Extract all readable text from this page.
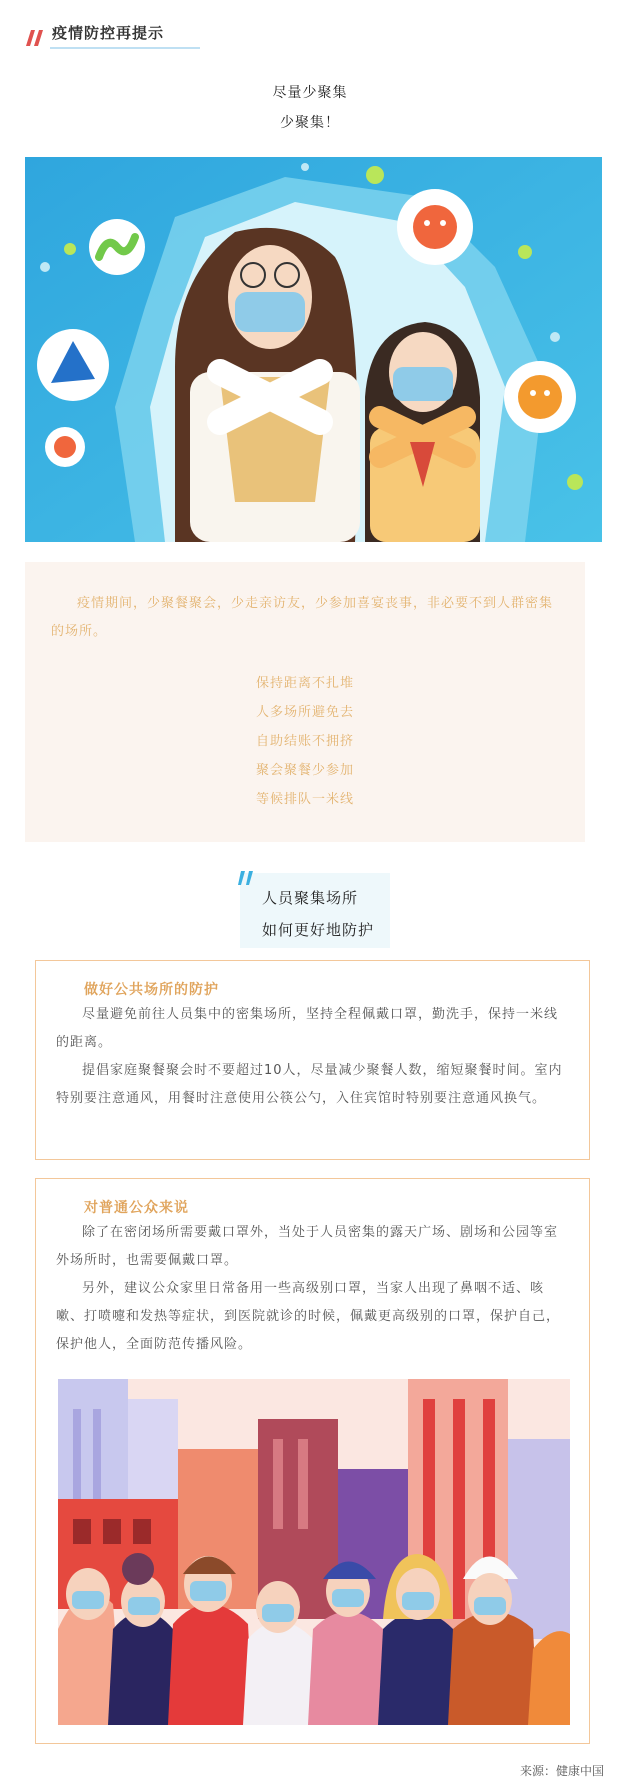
疫情防控再提示
尽量少聚集
少聚集！
疫情期间，少聚餐聚会，少走亲访友，少参加喜宴丧事，非必要不到人群密集的场所。
保持距离不扎堆
人多场所避免去
自助结账不拥挤
聚会聚餐少参加
等候排队一米线
人员聚集场所
如何更好地防护
做好公共场所的防护
尽量避免前往人员集中的密集场所，坚持全程佩戴口罩，勤洗手，保持一米线的距离。
提倡家庭聚餐聚会时不要超过10人，尽量减少聚餐人数，缩短聚餐时间。室内特别要注意通风，用餐时注意使用公筷公勺，入住宾馆时特别要注意通风换气。
对普通公众来说
除了在密闭场所需要戴口罩外，当处于人员密集的露天广场、剧场和公园等室外场所时，也需要佩戴口罩。
另外，建议公众家里日常备用一些高级别口罩，当家人出现了鼻咽不适、咳嗽、打喷嚏和发热等症状，到医院就诊的时候，佩戴更高级别的口罩，保护自己，保护他人，全面防范传播风险。
来源：健康中国
